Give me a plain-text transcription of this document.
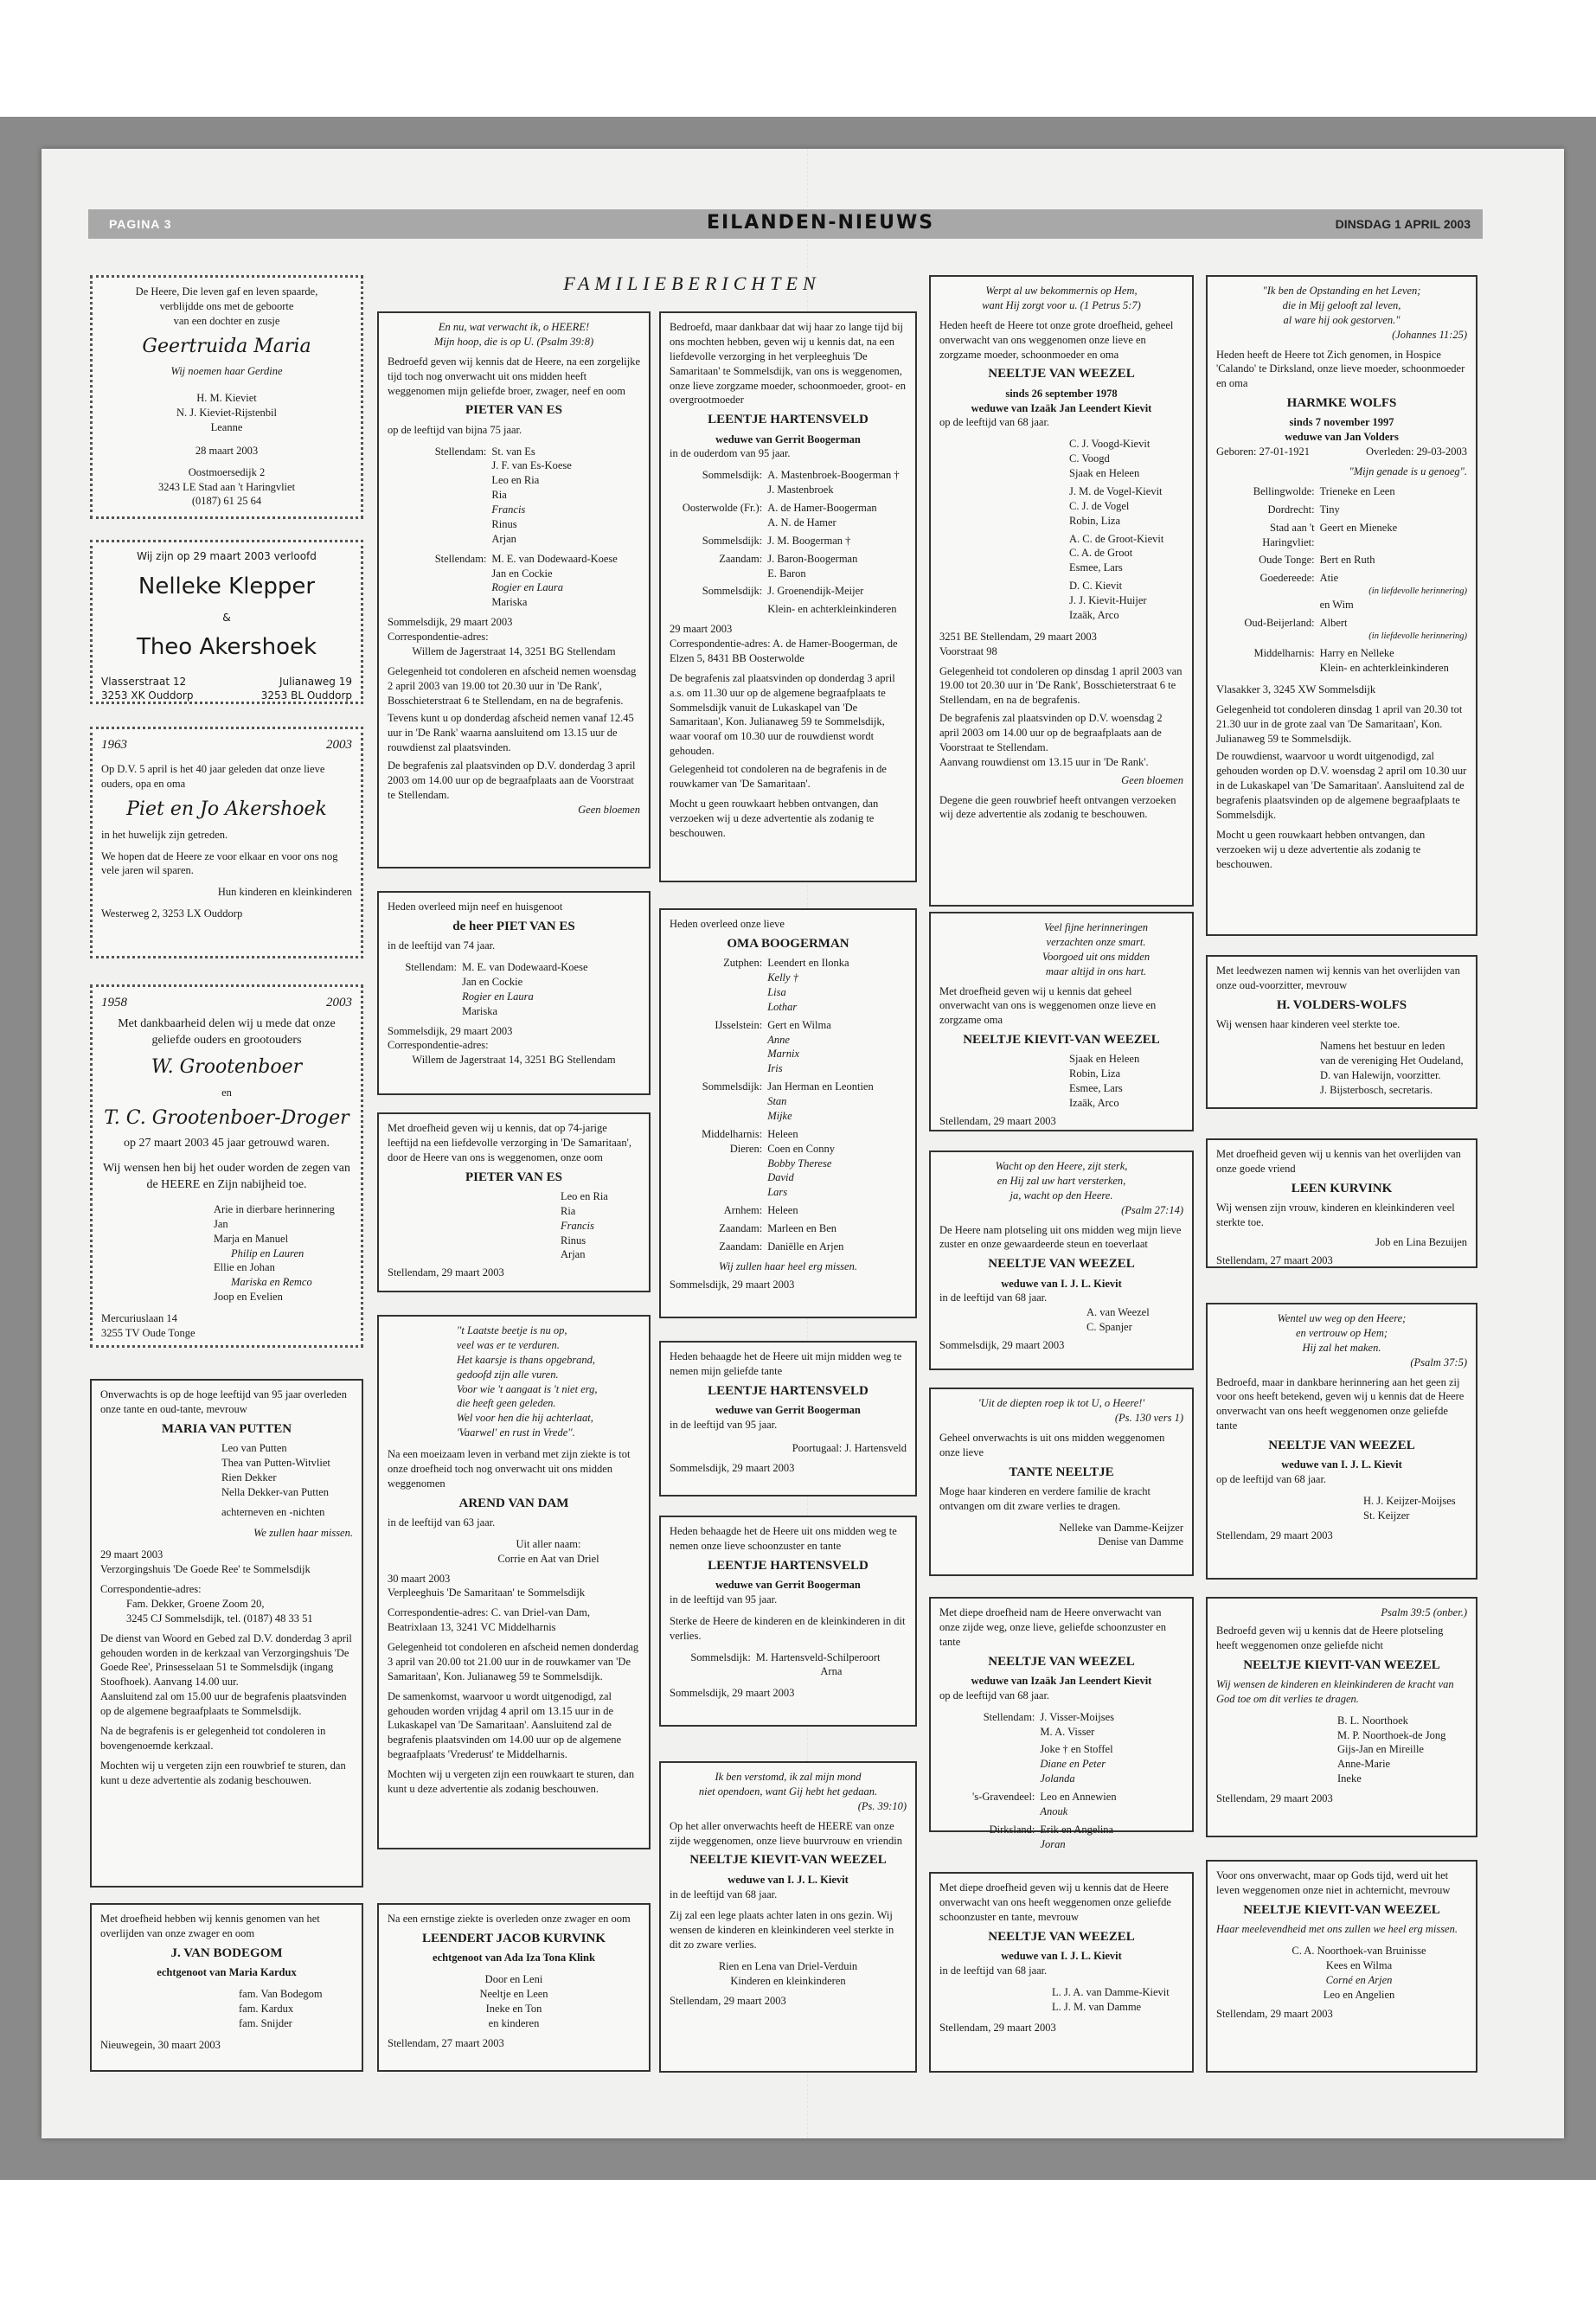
PAGINA 3	EILANDEN-NIEUWS	DINSDAG 1 APRIL 2003
FAMILIEBERICHTEN
De Heere, Die leven gaf en leven spaarde,
verblijdde ons met de geboorte
van een dochter en zusje
Geertruida Maria
Wij noemen haar Gerdine
H. M. Kieviet
N. J. Kieviet-Rijstenbil
Leanne
28 maart 2003
Oostmoersedijk 2
3243 LE Stad aan 't Haringvliet
(0187) 61 25 64
Wij zijn op 29 maart 2003 verloofd
Nelleke Klepper
&
Theo Akershoek
Vlasserstraat 12	Julianaweg 19
3253 XK Ouddorp	3253 BL Ouddorp
1963	2003
Op D.V. 5 april is het 40 jaar geleden dat onze lieve ouders, opa en oma
Piet en Jo Akershoek
in het huwelijk zijn getreden.
We hopen dat de Heere ze voor elkaar en voor ons nog vele jaren wil sparen.
Hun kinderen en kleinkinderen
Westerweg 2, 3253 LX Ouddorp
1958	2003
Met dankbaarheid delen wij u mede dat onze geliefde ouders en grootouders
W. Grootenboer
en
T. C. Grootenboer-Droger
op 27 maart 2003 45 jaar getrouwd waren.
Wij wensen hen bij het ouder worden de zegen van de HEERE en Zijn nabijheid toe.
Arie in dierbare herinnering
Jan
Marja en Manuel
Philip en Lauren
Ellie en Johan
Mariska en Remco
Joop en Evelien
Mercuriuslaan 14
3255 TV Oude Tonge
Onverwachts is op de hoge leeftijd van 95 jaar overleden onze tante en oud-tante, mevrouw
MARIA VAN PUTTEN
Leo van Putten
Thea van Putten-Witvliet
Rien Dekker
Nella Dekker-van Putten
achterneven en -nichten
We zullen haar missen.
29 maart 2003
Verzorgingshuis 'De Goede Ree' te Sommelsdijk
Correspondentie-adres:
Fam. Dekker, Groene Zoom 20,
3245 CJ Sommelsdijk, tel. (0187) 48 33 51
De dienst van Woord en Gebed zal D.V. donderdag 3 april gehouden worden in de kerkzaal van Verzorgingshuis 'De Goede Ree', Prinsesselaan 51 te Sommelsdijk (ingang Stoofhoek). Aanvang 14.00 uur.
Aansluitend zal om 15.00 uur de begrafenis plaatsvinden op de algemene begraafplaats te Sommelsdijk.
Na de begrafenis is er gelegenheid tot condoleren in bovengenoemde kerkzaal.
Mochten wij u vergeten zijn een rouwbrief te sturen, dan kunt u deze advertentie als zodanig beschouwen.
Met droefheid hebben wij kennis genomen van het overlijden van onze zwager en oom
J. VAN BODEGOM
echtgenoot van Maria Kardux
fam. Van Bodegom
fam. Kardux
fam. Snijder
Nieuwegein, 30 maart 2003
En nu, wat verwacht ik, o HEERE!
Mijn hoop, die is op U. (Psalm 39:8)
Bedroefd geven wij kennis dat de Heere, na een zorgelijke tijd toch nog onverwacht uit ons midden heeft weggenomen mijn geliefde broer, zwager, neef en oom
PIETER VAN ES
op de leeftijd van bijna 75 jaar.
Stellendam: St. van Es
J. F. van Es-Koese
Leo en Ria
Ria
Francis
Rinus
Arjan
Stellendam: M. E. van Dodewaard-Koese
Jan en Cockie
Rogier en Laura
Mariska
Sommelsdijk, 29 maart 2003
Correspondentie-adres:
Willem de Jagerstraat 14, 3251 BG Stellendam
Gelegenheid tot condoleren en afscheid nemen woensdag 2 april 2003 van 19.00 tot 20.30 uur in 'De Rank', Bosschieterstraat 6 te Stellendam, en na de begrafenis.
Tevens kunt u op donderdag afscheid nemen vanaf 12.45 uur in 'De Rank' waarna aansluitend om 13.15 uur de rouwdienst zal plaatsvinden.
De begrafenis zal plaatsvinden op D.V. donderdag 3 april 2003 om 14.00 uur op de begraafplaats aan de Voorstraat te Stellendam.
Geen bloemen
Heden overleed mijn neef en huisgenoot
de heer PIET VAN ES
in de leeftijd van 74 jaar.
Stellendam: M. E. van Dodewaard-Koese
Jan en Cockie
Rogier en Laura
Mariska
Sommelsdijk, 29 maart 2003
Correspondentie-adres:
Willem de Jagerstraat 14, 3251 BG Stellendam
Met droefheid geven wij u kennis, dat op 74-jarige leeftijd na een liefdevolle verzorging in 'De Samaritaan', door de Heere van ons is weggenomen, onze oom
PIETER VAN ES
Leo en Ria
Ria
Francis
Rinus
Arjan
Stellendam, 29 maart 2003
''t Laatste beetje is nu op,
veel was er te verduren.
Het kaarsje is thans opgebrand,
gedoofd zijn alle vuren.
Voor wie 't aangaat is 't niet erg,
die heeft geen geleden.
Wel voor hen die hij achterlaat,
'Vaarwel' en rust in Vrede''.
Na een moeizaam leven in verband met zijn ziekte is tot onze droefheid toch nog onverwacht uit ons midden weggenomen
AREND VAN DAM
in de leeftijd van 63 jaar.
Uit aller naam:
Corrie en Aat van Driel
30 maart 2003
Verpleeghuis 'De Samaritaan' te Sommelsdijk
Correspondentie-adres: C. van Driel-van Dam, Beatrixlaan 13, 3241 VC Middelharnis
Gelegenheid tot condoleren en afscheid nemen donderdag 3 april van 20.00 tot 21.00 uur in de rouwkamer van 'De Samaritaan', Kon. Julianaweg 59 te Sommelsdijk.
De samenkomst, waarvoor u wordt uitgenodigd, zal gehouden worden vrijdag 4 april om 13.15 uur in de Lukaskapel van 'De Samaritaan'. Aansluitend zal de begrafenis plaatsvinden om 14.00 uur op de algemene begraafplaats 'Vrederust' te Middelharnis.
Mochten wij u vergeten zijn een rouwkaart te sturen, dan kunt u deze advertentie als zodanig beschouwen.
Na een ernstige ziekte is overleden onze zwager en oom
LEENDERT JACOB KURVINK
echtgenoot van Ada Iza Tona Klink
Door en Leni
Neeltje en Leen
Ineke en Ton
en kinderen
Stellendam, 27 maart 2003
Bedroefd, maar dankbaar dat wij haar zo lange tijd bij ons mochten hebben, geven wij u kennis dat, na een liefdevolle verzorging in het verpleeghuis 'De Samaritaan' te Sommelsdijk, van ons is weggenomen, onze lieve zorgzame moeder, schoonmoeder, groot- en overgrootmoeder
LEENTJE HARTENSVELD
weduwe van Gerrit Boogerman
in de ouderdom van 95 jaar.
Sommelsdijk: A. Mastenbroek-Boogerman †
J. Mastenbroek
Oosterwolde (Fr.): A. de Hamer-Boogerman
A. N. de Hamer
Sommelsdijk: J. M. Boogerman †
Zaandam: J. Baron-Boogerman
E. Baron
Sommelsdijk: J. Groenendijk-Meijer
Klein- en achterkleinkinderen
29 maart 2003
Correspondentie-adres: A. de Hamer-Boogerman, de Elzen 5, 8431 BB Oosterwolde
De begrafenis zal plaatsvinden op donderdag 3 april a.s. om 11.30 uur op de algemene begraafplaats te Sommelsdijk vanuit de Lukaskapel van 'De Samaritaan', Kon. Julianaweg 59 te Sommelsdijk, waar vooraf om 10.30 uur de rouwdienst wordt gehouden.
Gelegenheid tot condoleren na de begrafenis in de rouwkamer van 'De Samaritaan'.
Mocht u geen rouwkaart hebben ontvangen, dan verzoeken wij u deze advertentie als zodanig te beschouwen.
Heden overleed onze lieve
OMA BOOGERMAN
Zutphen: Leendert en Ilonka
Kelly †
Lisa
Lothar
IJsselstein: Gert en Wilma
Anne
Marnix
Iris
Sommelsdijk: Jan Herman en Leontien
Stan
Mijke
Middelharnis: Heleen
Dieren: Coen en Conny
Bobby Therese
David
Lars
Arnhem: Heleen
Zaandam: Marleen en Ben
Zaandam: Daniëlle en Arjen
Wij zullen haar heel erg missen.
Sommelsdijk, 29 maart 2003
Heden behaagde het de Heere uit mijn midden weg te nemen mijn geliefde tante
LEENTJE HARTENSVELD
weduwe van Gerrit Boogerman
in de leeftijd van 95 jaar.
Poortugaal: J. Hartensveld
Sommelsdijk, 29 maart 2003
Heden behaagde het de Heere uit ons midden weg te nemen onze lieve schoonzuster en tante
LEENTJE HARTENSVELD
weduwe van Gerrit Boogerman
in de leeftijd van 95 jaar.
Sterke de Heere de kinderen en de kleinkinderen in dit verlies.
Sommelsdijk: M. Hartensveld-Schilperoort
Arna
Sommelsdijk, 29 maart 2003
Ik ben verstomd, ik zal mijn mond
niet opendoen, want Gij hebt het gedaan.
(Ps. 39:10)
Op het aller onverwachts heeft de HEERE van onze zijde weggenomen, onze lieve buurvrouw en vriendin
NEELTJE KIEVIT-VAN WEEZEL
weduwe van I. J. L. Kievit
in de leeftijd van 68 jaar.
Zij zal een lege plaats achter laten in ons gezin. Wij wensen de kinderen en kleinkinderen veel sterkte in dit zo zware verlies.
Rien en Lena van Driel-Verduin
Kinderen en kleinkinderen
Stellendam, 29 maart 2003
Werpt al uw bekommernis op Hem,
want Hij zorgt voor u. (1 Petrus 5:7)
Heden heeft de Heere tot onze grote droefheid, geheel onverwacht van ons weggenomen onze lieve en zorgzame moeder, schoonmoeder en oma
NEELTJE VAN WEEZEL
sinds 26 september 1978
weduwe van Izaäk Jan Leendert Kievit
op de leeftijd van 68 jaar.
C. J. Voogd-Kievit
C. Voogd
Sjaak en Heleen
J. M. de Vogel-Kievit
C. J. de Vogel
Robin, Liza
A. C. de Groot-Kievit
C. A. de Groot
Esmee, Lars
D. C. Kievit
J. J. Kievit-Huijer
Izaäk, Arco
3251 BE Stellendam, 29 maart 2003
Voorstraat 98
Gelegenheid tot condoleren op dinsdag 1 april 2003 van 19.00 tot 20.30 uur in 'De Rank', Bosschieterstraat 6 te Stellendam, en na de begrafenis.
De begrafenis zal plaatsvinden op D.V. woensdag 2 april 2003 om 14.00 uur op de begraafplaats aan de Voorstraat te Stellendam.
Aanvang rouwdienst om 13.15 uur in 'De Rank'.
Geen bloemen
Degene die geen rouwbrief heeft ontvangen verzoeken wij deze advertentie als zodanig te beschouwen.
Veel fijne herinneringen
verzachten onze smart.
Voorgoed uit ons midden
maar altijd in ons hart.
Met droefheid geven wij u kennis dat geheel onverwacht van ons is weggenomen onze lieve en zorgzame oma
NEELTJE KIEVIT-VAN WEEZEL
Sjaak en Heleen
Robin, Liza
Esmee, Lars
Izaäk, Arco
Stellendam, 29 maart 2003
Wacht op den Heere, zijt sterk,
en Hij zal uw hart versterken,
ja, wacht op den Heere.
(Psalm 27:14)
De Heere nam plotseling uit ons midden weg mijn lieve zuster en onze gewaardeerde steun en toeverlaat
NEELTJE VAN WEEZEL
weduwe van I. J. L. Kievit
in de leeftijd van 68 jaar.
A. van Weezel
C. Spanjer
Sommelsdijk, 29 maart 2003
'Uit de diepten roep ik tot U, o Heere!'
(Ps. 130 vers 1)
Geheel onverwachts is uit ons midden weggenomen onze lieve
TANTE NEELTJE
Moge haar kinderen en verdere familie de kracht ontvangen om dit zware verlies te dragen.
Nelleke van Damme-Keijzer
Denise van Damme
Met diepe droefheid nam de Heere onverwacht van onze zijde weg, onze lieve, geliefde schoonzuster en tante
NEELTJE VAN WEEZEL
weduwe van Izaäk Jan Leendert Kievit
op de leeftijd van 68 jaar.
Stellendam: J. Visser-Moijses
M. A. Visser
Joke † en Stoffel
Diane en Peter
Jolanda
's-Gravendeel: Leo en Annewien
Anouk
Dirksland: Erik en Angelina
Joran
Met diepe droefheid geven wij u kennis dat de Heere onverwacht van ons heeft weggenomen onze geliefde schoonzuster en tante, mevrouw
NEELTJE VAN WEEZEL
weduwe van I. J. L. Kievit
in de leeftijd van 68 jaar.
L. J. A. van Damme-Kievit
L. J. M. van Damme
Stellendam, 29 maart 2003
"Ik ben de Opstanding en het Leven;
die in Mij gelooft zal leven,
al ware hij ook gestorven."
(Johannes 11:25)
Heden heeft de Heere tot Zich genomen, in Hospice 'Calando' te Dirksland, onze lieve moeder, schoonmoeder en oma
HARMKE WOLFS
sinds 7 november 1997
weduwe van Jan Volders
Geboren: 27-01-1921	Overleden: 29-03-2003
"Mijn genade is u genoeg".
Bellingwolde: Trieneke en Leen
Dordrecht: Tiny
Stad aan 't Haringvliet:
Geert en Mieneke
Oude Tonge: Bert en Ruth
Goedereede: Atie
(in liefdevolle herinnering)
en Wim
Oud-Beijerland: Albert
(in liefdevolle herinnering)
Middelharnis: Harry en Nelleke
Klein- en achterkleinkinderen
Vlasakker 3, 3245 XW Sommelsdijk
Gelegenheid tot condoleren dinsdag 1 april van 20.30 tot 21.30 uur in de grote zaal van 'De Samaritaan', Kon. Julianaweg 59 te Sommelsdijk.
De rouwdienst, waarvoor u wordt uitgenodigd, zal gehouden worden op D.V. woensdag 2 april om 10.30 uur in de Lukaskapel van 'De Samaritaan'. Aansluitend zal de begrafenis plaatsvinden op de algemene begraafplaats te Sommelsdijk.
Mocht u geen rouwkaart hebben ontvangen, dan verzoeken wij u deze advertentie als zodanig te beschouwen.
Met leedwezen namen wij kennis van het overlijden van onze oud-voorzitter, mevrouw
H. VOLDERS-WOLFS
Wij wensen haar kinderen veel sterkte toe.
Namens het bestuur en leden
van de vereniging Het Oudeland,
D. van Halewijn, voorzitter.
J. Bijsterbosch, secretaris.
Met droefheid geven wij u kennis van het overlijden van onze goede vriend
LEEN KURVINK
Wij wensen zijn vrouw, kinderen en kleinkinderen veel sterkte toe.
Job en Lina Bezuijen
Stellendam, 27 maart 2003
Wentel uw weg op den Heere;
en vertrouw op Hem;
Hij zal het maken.
(Psalm 37:5)
Bedroefd, maar in dankbare herinnering aan het geen zij voor ons heeft betekend, geven wij u kennis dat de Heere onverwacht van ons heeft weggenomen onze geliefde tante
NEELTJE VAN WEEZEL
weduwe van I. J. L. Kievit
op de leeftijd van 68 jaar.
H. J. Keijzer-Moijses
St. Keijzer
Stellendam, 29 maart 2003
Psalm 39:5 (onber.)
Bedroefd geven wij u kennis dat de Heere plotseling heeft weggenomen onze geliefde nicht
NEELTJE KIEVIT-VAN WEEZEL
Wij wensen de kinderen en kleinkinderen de kracht van God toe om dit verlies te dragen.
B. L. Noorthoek
M. P. Noorthoek-de Jong
Gijs-Jan en Mireille
Anne-Marie
Ineke
Stellendam, 29 maart 2003
Voor ons onverwacht, maar op Gods tijd, werd uit het leven weggenomen onze niet in achternicht, mevrouw
NEELTJE KIEVIT-VAN WEEZEL
Haar meelevendheid met ons zullen we heel erg missen.
C. A. Noorthoek-van Bruinisse
Kees en Wilma
Corné en Arjen
Leo en Angelien
Stellendam, 29 maart 2003
